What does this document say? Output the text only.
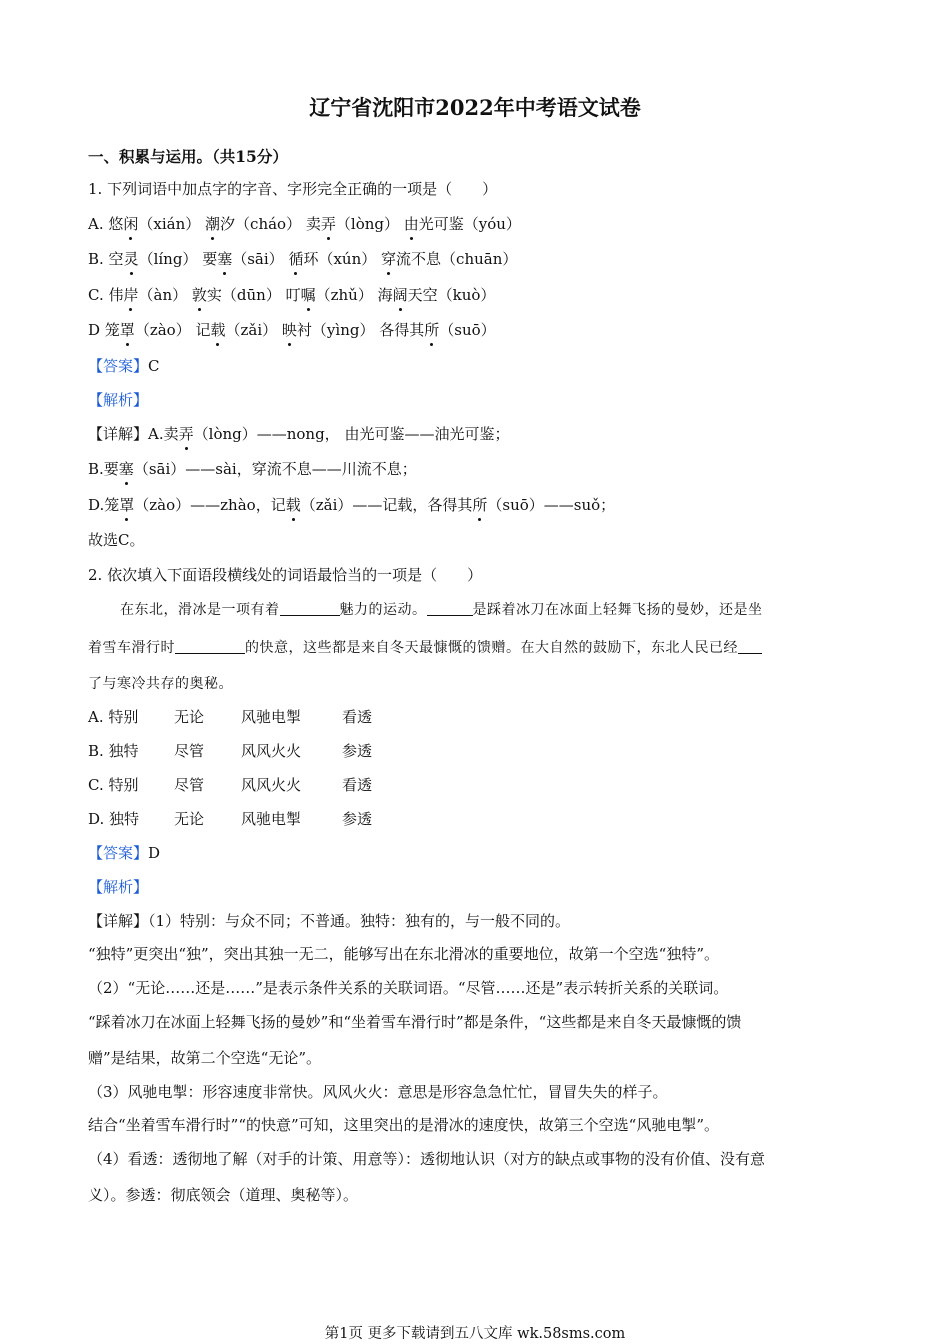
辽宁省沈阳市2022年中考语文试卷
一、积累与运用。（共15分）
1. 下列词语中加点字的字音、字形完全正确的一项是（　　）
A. 悠闲（xián） 潮汐（cháo） 卖弄（lòng） 由光可鉴（yóu）
B. 空灵（líng） 要塞（sāi） 循环（xún） 穿流不息（chuān）
C. 伟岸（àn） 敦实（dūn） 叮嘱（zhǔ） 海阔天空（kuò）
D 笼罩（zào） 记载（zǎi） 映衬（yìng） 各得其所（suō）
【答案】C
【解析】
【详解】A.卖弄（lòng）——nong， 由光可鉴——油光可鉴；
B.要塞（sāi）——sài，穿流不息——川流不息；
D.笼罩（zào）——zhào，记载（zǎi）——记载，各得其所（suō）——suǒ；
故选C。
2. 依次填入下面语段横线处的词语最恰当的一项是（　　）
在东北，滑冰是一项有着	魅力的运动。	是踩着冰刀在冰面上轻舞飞扬的曼妙，还是坐
着雪车滑行时	的快意，这些都是来自冬天最慷慨的馈赠。在大自然的鼓励下，东北人民已经
了与寒冷共存的奥秘。
A. 特别 无论 风驰电掣	看透
B. 独特 尽管 风风火火	参透
C. 特别 尽管 风风火火	看透
D. 独特 无论 风驰电掣	参透
【答案】D
【解析】
【详解】（1）特别：与众不同；不普通。独特：独有的，与一般不同的。
“独特”更突出“独”，突出其独一无二，能够写出在东北滑冰的重要地位，故第一个空选“独特”。
（2）“无论……还是……”是表示条件关系的关联词语。“尽管……还是”表示转折关系的关联词。
“踩着冰刀在冰面上轻舞飞扬的曼妙”和“坐着雪车滑行时”都是条件，“这些都是来自冬天最慷慨的馈
赠”是结果，故第二个空选“无论”。
（3）风驰电掣：形容速度非常快。风风火火：意思是形容急急忙忙，冒冒失失的样子。
结合“坐着雪车滑行时”“的快意”可知，这里突出的是滑冰的速度快，故第三个空选“风驰电掣”。
（4）看透：透彻地了解（对手的计策、用意等）：透彻地认识（对方的缺点或事物的没有价值、没有意
义）。参透：彻底领会（道理、奥秘等）。
第1页 更多下载请到五八文库 wk.58sms.com
